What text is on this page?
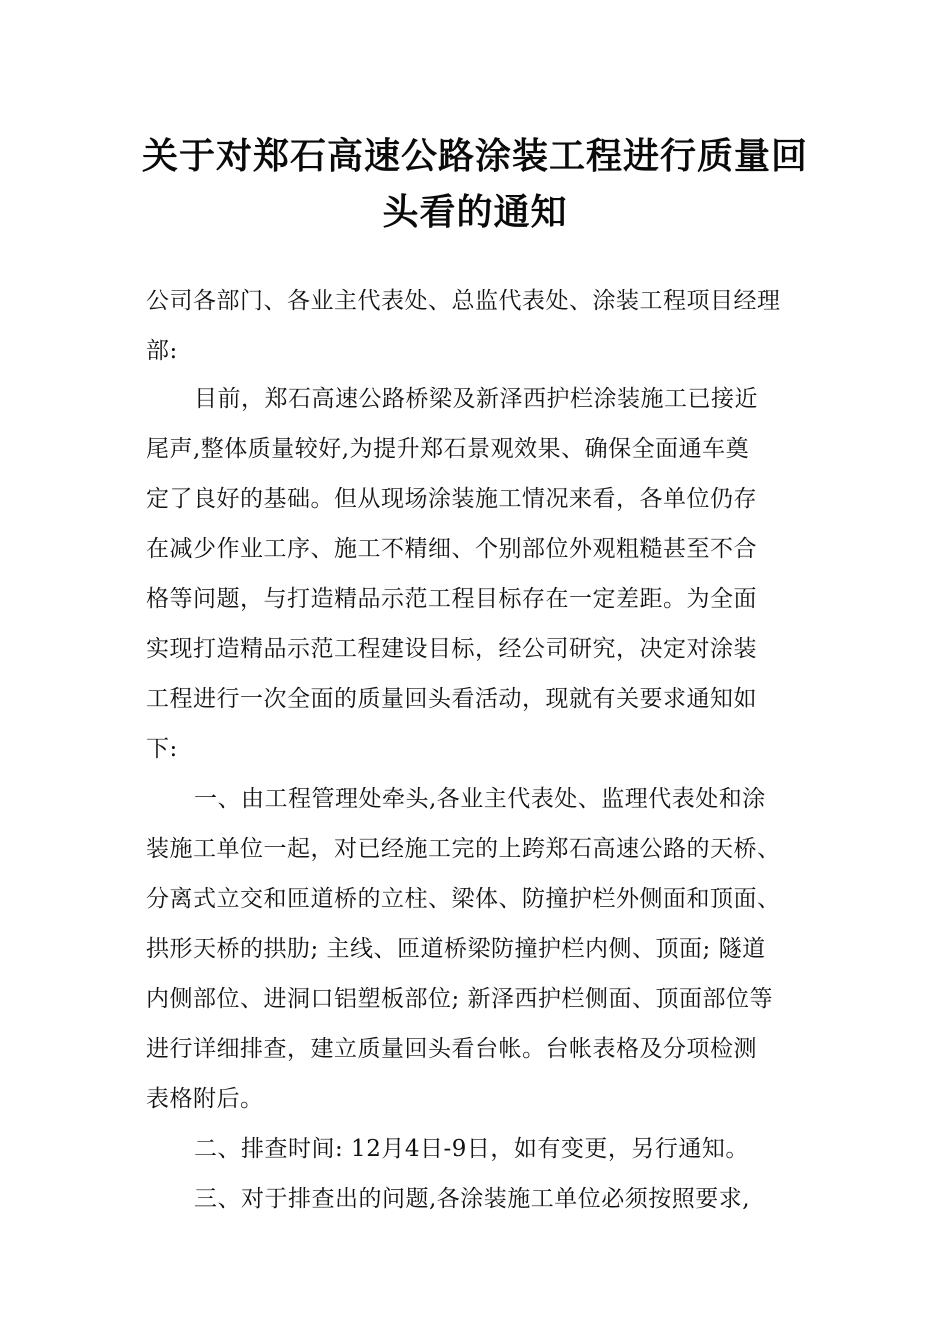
关于对郑石高速公路涂装工程进行质量回
头看的通知
公司各部门、各业主代表处、总监代表处、涂装工程项目经理
部:
目前，郑石高速公路桥梁及新泽西护栏涂装施工已接近
尾声,整体质量较好,为提升郑石景观效果、确保全面通车奠
定了良好的基础。但从现场涂装施工情况来看，各单位仍存
在减少作业工序、施工不精细、个别部位外观粗糙甚至不合
格等问题，与打造精品示范工程目标存在一定差距。为全面
实现打造精品示范工程建设目标，经公司研究，决定对涂装
工程进行一次全面的质量回头看活动，现就有关要求通知如
下:
一、由工程管理处牵头,各业主代表处、监理代表处和涂
装施工单位一起，对已经施工完的上跨郑石高速公路的天桥、
分离式立交和匝道桥的立柱、梁体、防撞护栏外侧面和顶面、
拱形天桥的拱肋; 主线、匝道桥梁防撞护栏内侧、顶面; 隧道
内侧部位、进洞口铝塑板部位; 新泽西护栏侧面、顶面部位等
进行详细排查，建立质量回头看台帐。台帐表格及分项检测
表格附后。
二、排查时间: 12月4日-9日，如有变更，另行通知。
三、对于排查出的问题,各涂装施工单位必须按照要求,
